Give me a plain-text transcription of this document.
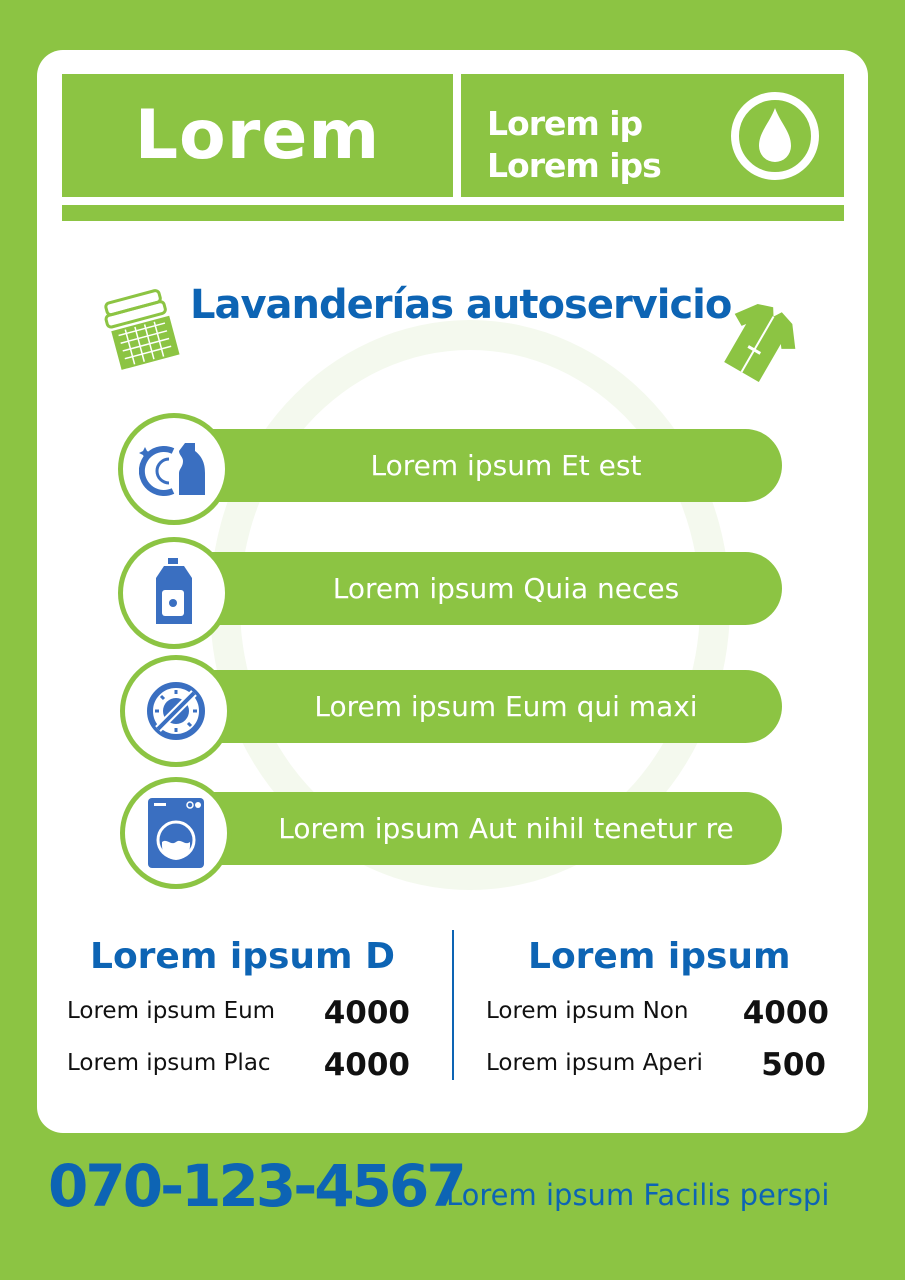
Lorem	Lorem ip
Lorem ips
Lavanderías autoservicio
Lorem ipsum Et est
Lorem ipsum Quia neces
Lorem ipsum Eum qui maxi
Lorem ipsum Aut nihil tenetur re
Lorem ipsum D
Lorem ipsum Eum	4000
Lorem ipsum Plac	4000
Lorem ipsum
Lorem ipsum Non	4000
Lorem ipsum Aperi	500
070-123-4567
Lorem ipsum Facilis perspi
